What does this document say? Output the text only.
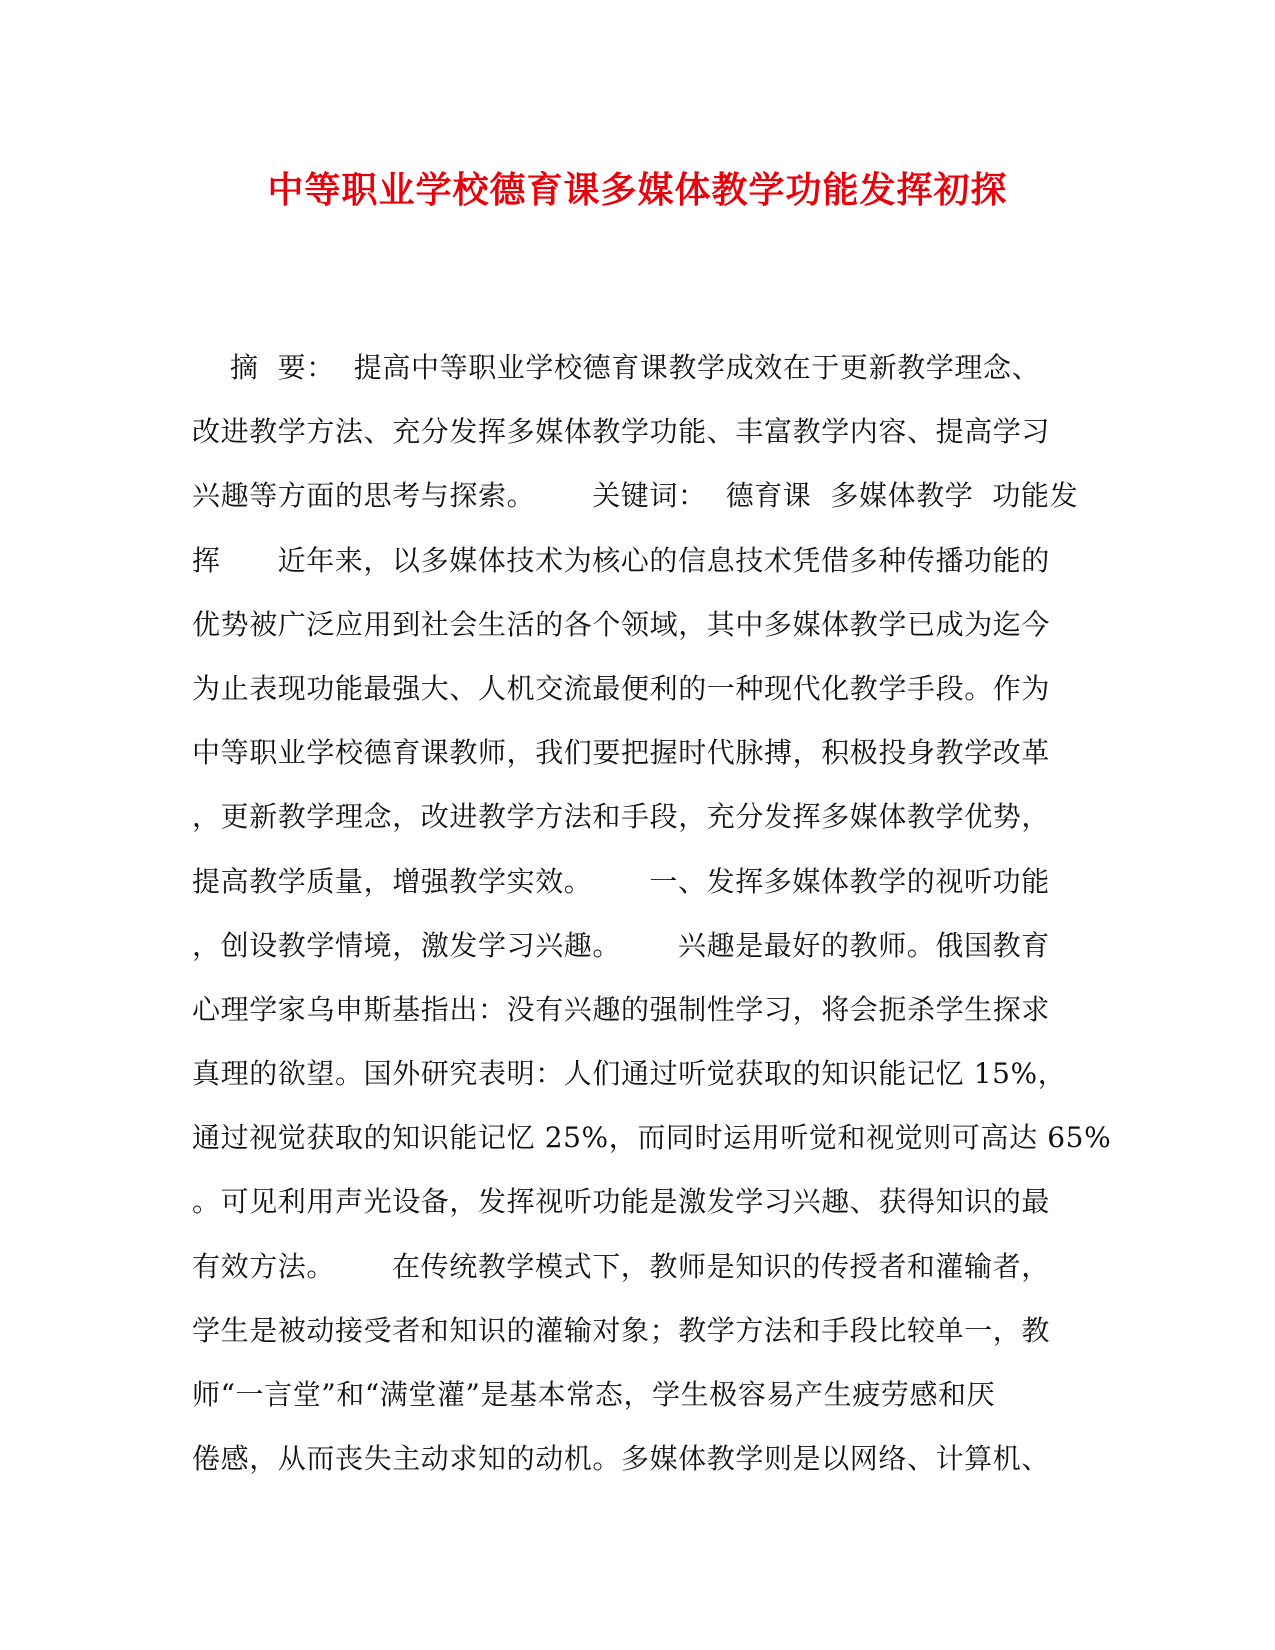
中等职业学校德育课多媒体教学功能发挥初探
摘  要：  提高中等职业学校德育课教学成效在于更新教学理念、
改进教学方法、充分发挥多媒体教学功能、丰富教学内容、提高学习
兴趣等方面的思考与探索。      关键词：  德育课  多媒体教学  功能发
挥      近年来，以多媒体技术为核心的信息技术凭借多种传播功能的
优势被广泛应用到社会生活的各个领域，其中多媒体教学已成为迄今
为止表现功能最强大、人机交流最便利的一种现代化教学手段。作为
中等职业学校德育课教师，我们要把握时代脉搏，积极投身教学改革
，更新教学理念，改进教学方法和手段，充分发挥多媒体教学优势，
提高教学质量，增强教学实效。      一、发挥多媒体教学的视听功能
，创设教学情境，激发学习兴趣。      兴趣是最好的教师。俄国教育
心理学家乌申斯基指出：没有兴趣的强制性学习，将会扼杀学生探求
真理的欲望。国外研究表明：人们通过听觉获取的知识能记忆 15%，
通过视觉获取的知识能记忆 25%，而同时运用听觉和视觉则可高达 65%
。可见利用声光设备，发挥视听功能是激发学习兴趣、获得知识的最
有效方法。      在传统教学模式下，教师是知识的传授者和灌输者，
学生是被动接受者和知识的灌输对象；教学方法和手段比较单一，教
师“一言堂”和“满堂灌”是基本常态，学生极容易产生疲劳感和厌
倦感，从而丧失主动求知的动机。多媒体教学则是以网络、计算机、
